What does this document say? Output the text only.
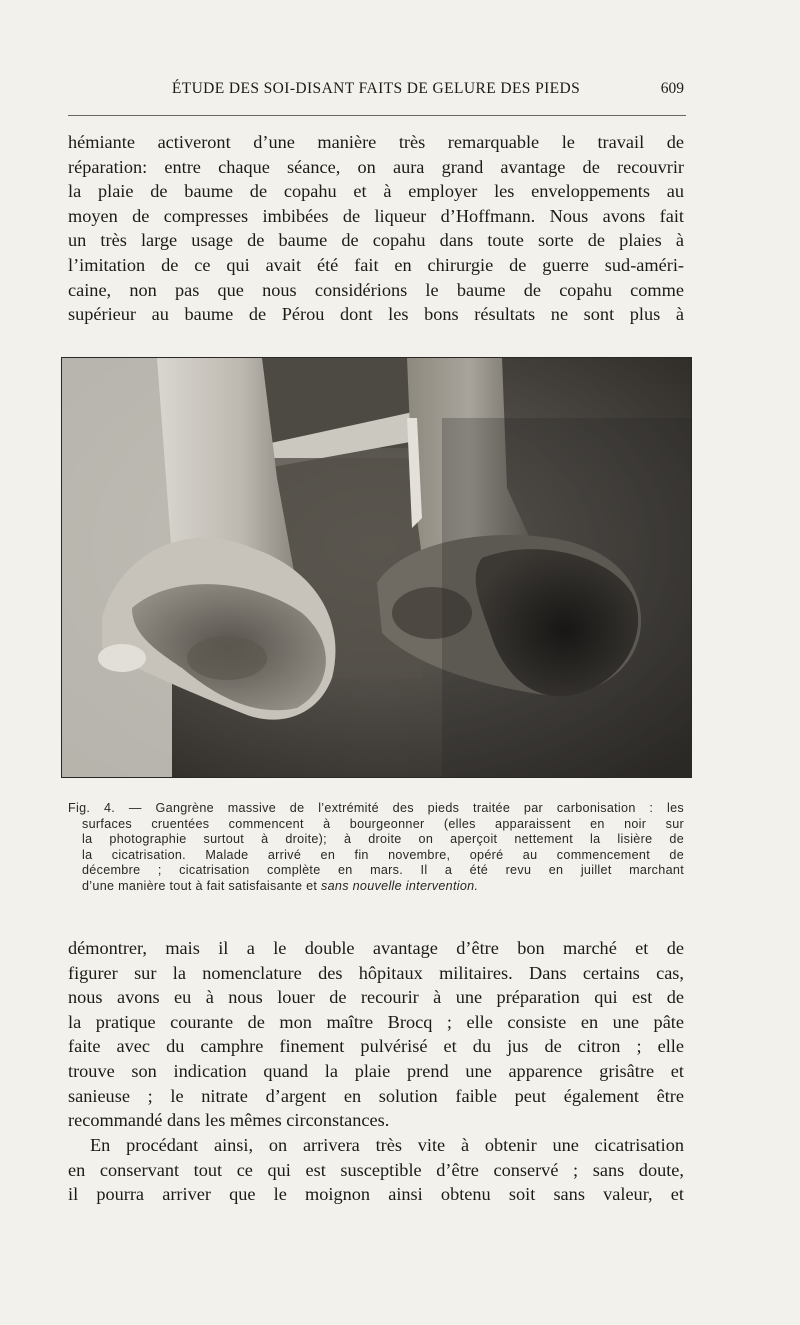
ÉTUDE DES SOI-DISANT FAITS DE GELURE DES PIEDS	609
hémiante activeront d’une manière très remarquable le travail de
réparation: entre chaque séance, on aura grand avantage de recouvrir
la plaie de baume de copahu et à employer les enveloppements au
moyen de compresses imbibées de liqueur d’Hoffmann. Nous avons fait
un très large usage de baume de copahu dans toute sorte de plaies à
l’imitation de ce qui avait été fait en chirurgie de guerre sud-améri-
caine, non pas que nous considérions le baume de copahu comme
supérieur au baume de Pérou dont les bons résultats ne sont plus à
Fig. 4. — Gangrène massive de l’extrémité des pieds traitée par carbonisation : les
surfaces cruentées commencent à bourgeonner (elles apparaissent en noir sur
la photographie surtout à droite); à droite on aperçoit nettement la lisière de
la cicatrisation. Malade arrivé en fin novembre, opéré au commencement de
décembre ; cicatrisation complète en mars. Il a été revu en juillet marchant
d’une manière tout à fait satisfaisante et sans nouvelle intervention.
démontrer, mais il a le double avantage d’être bon marché et de
figurer sur la nomenclature des hôpitaux militaires. Dans certains cas,
nous avons eu à nous louer de recourir à une préparation qui est de
la pratique courante de mon maître Brocq ; elle consiste en une pâte
faite avec du camphre finement pulvérisé et du jus de citron ; elle
trouve son indication quand la plaie prend une apparence grisâtre et
sanieuse ; le nitrate d’argent en solution faible peut également être
recommandé dans les mêmes circonstances.
En procédant ainsi, on arrivera très vite à obtenir une cicatrisation
en conservant tout ce qui est susceptible d’être conservé ; sans doute,
il pourra arriver que le moignon ainsi obtenu soit sans valeur, et
